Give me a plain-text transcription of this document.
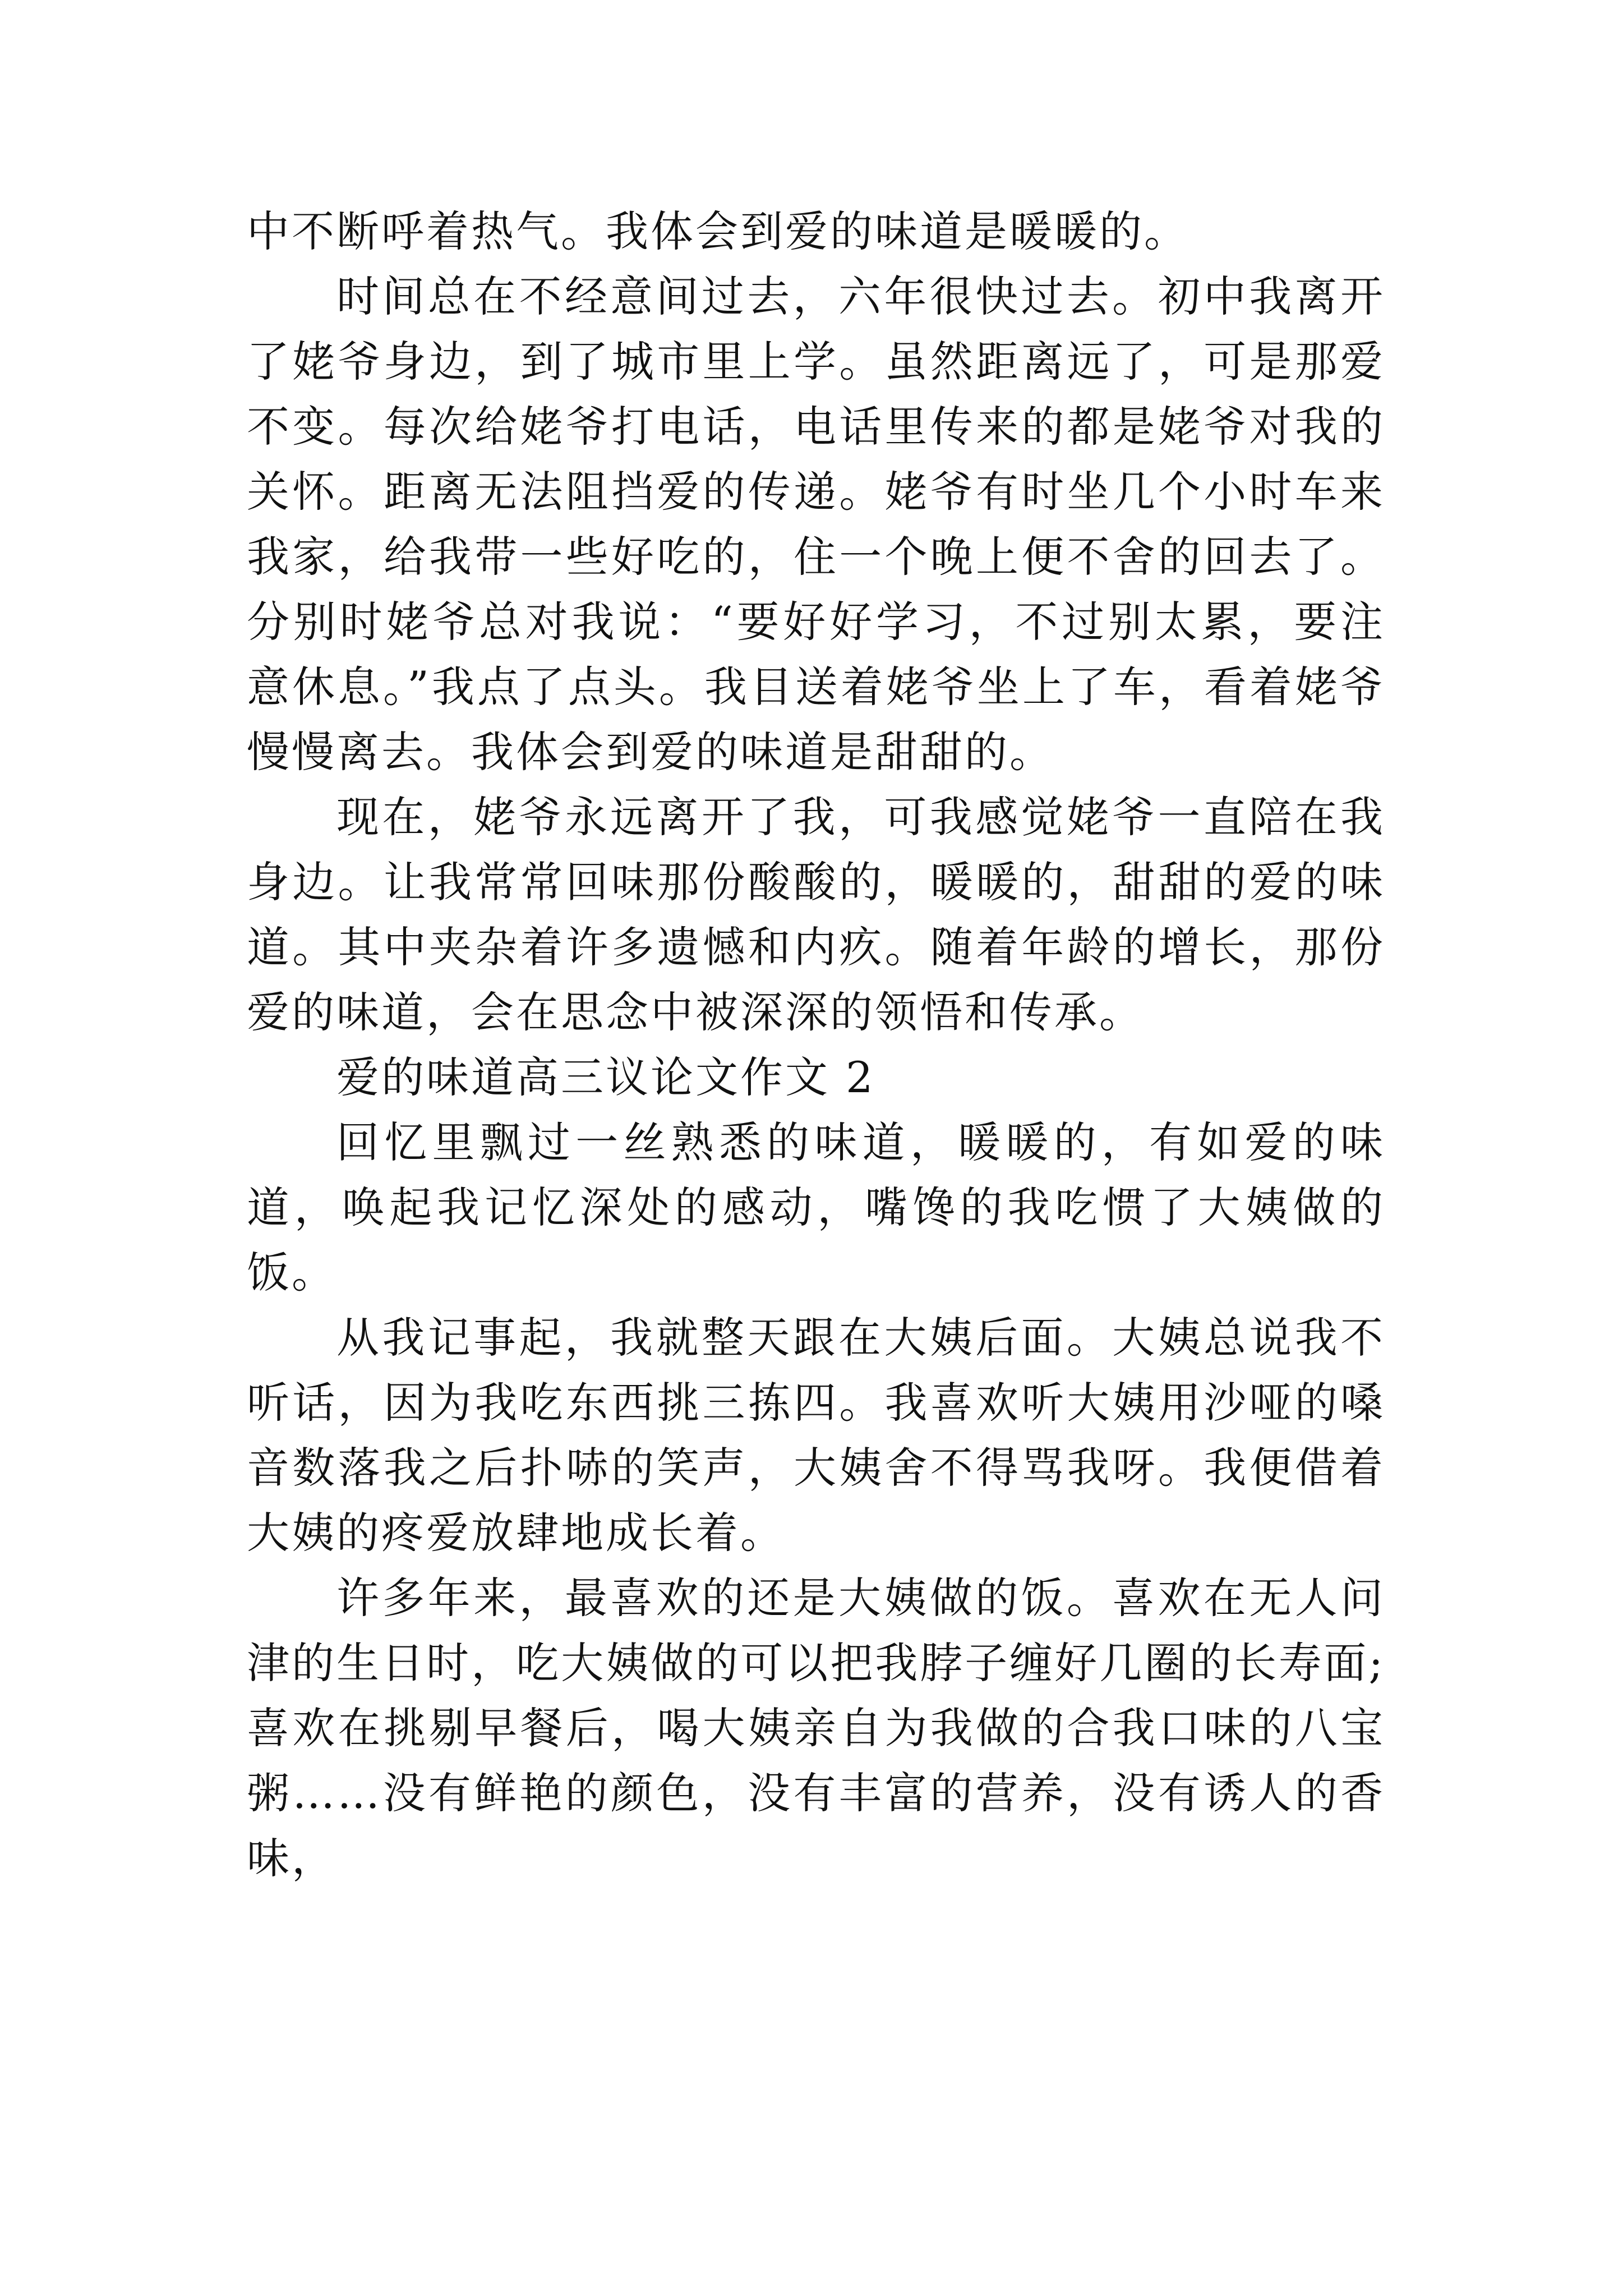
中不断呼着热气。我体会到爱的味道是暖暖的。

时间总在不经意间过去，六年很快过去。初中我离开了姥爷身边，到了城市里上学。虽然距离远了，可是那爱不变。每次给姥爷打电话，电话里传来的都是姥爷对我的关怀。距离无法阻挡爱的传递。姥爷有时坐几个小时车来我家，给我带一些好吃的，住一个晚上便不舍的回去了。分别时姥爷总对我说：“要好好学习，不过别太累，要注意休息。”我点了点头。我目送着姥爷坐上了车，看着姥爷慢慢离去。我体会到爱的味道是甜甜的。

现在，姥爷永远离开了我，可我感觉姥爷一直陪在我身边。让我常常回味那份酸酸的，暖暖的，甜甜的爱的味道。其中夹杂着许多遗憾和内疚。随着年龄的增长，那份爱的味道，会在思念中被深深的领悟和传承。

爱的味道高三议论文作文 2

回忆里飘过一丝熟悉的味道，暖暖的，有如爱的味道，唤起我记忆深处的感动，嘴馋的我吃惯了大姨做的饭。

从我记事起，我就整天跟在大姨后面。大姨总说我不听话，因为我吃东西挑三拣四。我喜欢听大姨用沙哑的嗓音数落我之后扑哧的笑声，大姨舍不得骂我呀。我便借着大姨的疼爱放肆地成长着。

许多年来，最喜欢的还是大姨做的饭。喜欢在无人问津的生日时，吃大姨做的可以把我脖子缠好几圈的长寿面;喜欢在挑剔早餐后，喝大姨亲自为我做的合我口味的八宝粥……没有鲜艳的颜色，没有丰富的营养，没有诱人的香味，
